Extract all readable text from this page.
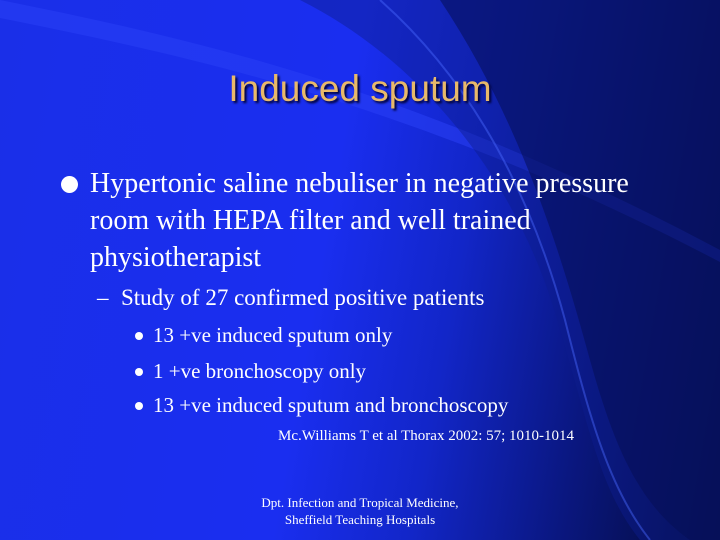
Induced sputum
Hypertonic saline nebuliser in negative pressure room with HEPA filter and well trained physiotherapist
– Study of 27 confirmed positive patients
13 +ve induced sputum only
1 +ve bronchoscopy only
13 +ve induced sputum and bronchoscopy
Mc.Williams T et al Thorax 2002: 57; 1010-1014
Dpt. Infection and Tropical Medicine,
Sheffield Teaching Hospitals
